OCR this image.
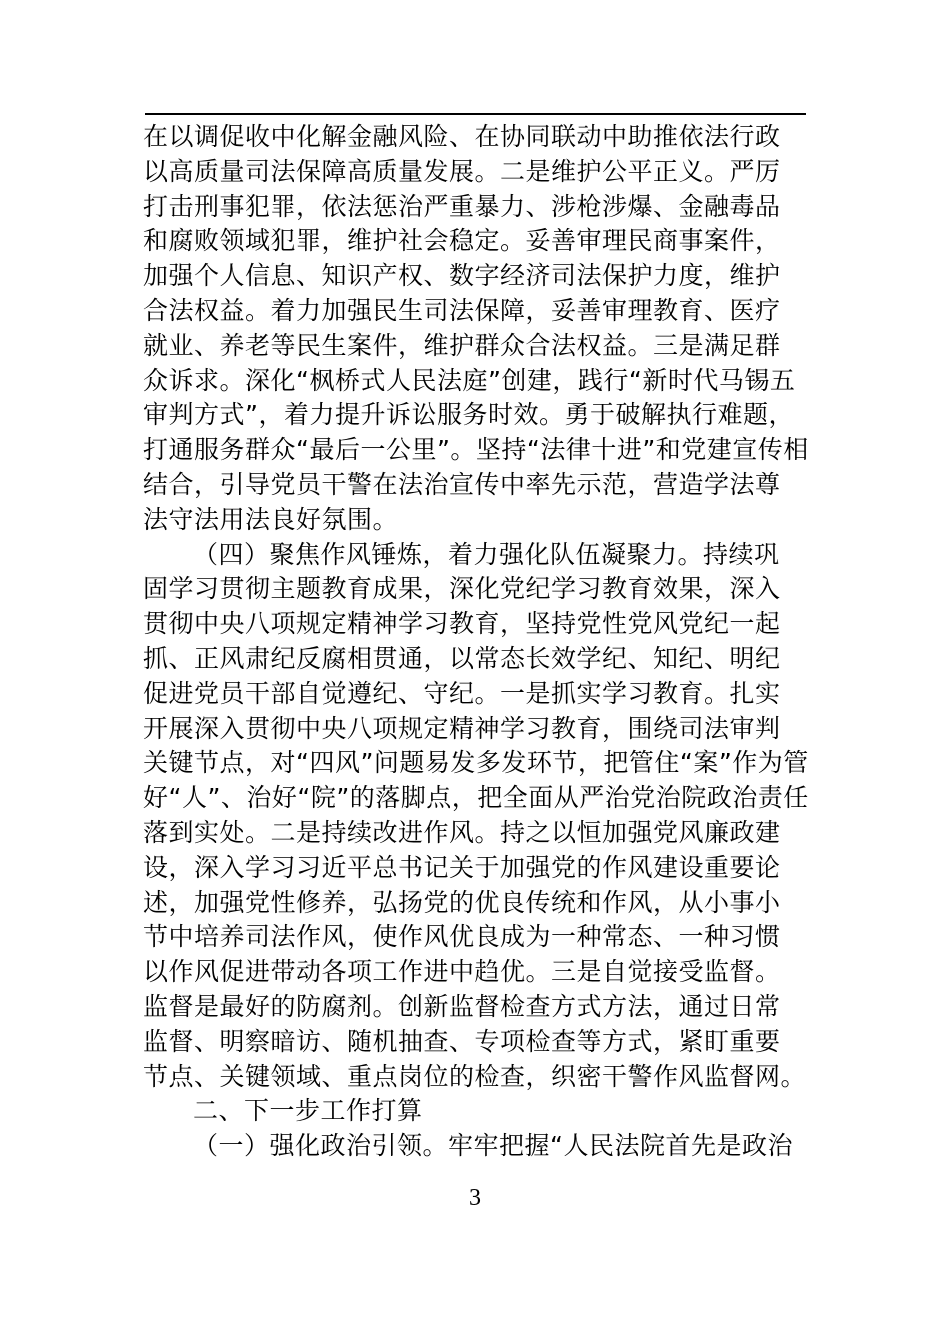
在以调促收中化解金融风险、在协同联动中助推依法行政
以高质量司法保障高质量发展。二是维护公平正义。严厉
打击刑事犯罪，依法惩治严重暴力、涉枪涉爆、金融毒品
和腐败领域犯罪，维护社会稳定。妥善审理民商事案件，
加强个人信息、知识产权、数字经济司法保护力度，维护
合法权益。着力加强民生司法保障，妥善审理教育、医疗
就业、养老等民生案件，维护群众合法权益。三是满足群
众诉求。深化“枫桥式人民法庭”创建，践行“新时代马锡五
审判方式”，着力提升诉讼服务时效。勇于破解执行难题，
打通服务群众“最后一公里”。坚持“法律十进”和党建宣传相
结合，引导党员干警在法治宣传中率先示范，营造学法尊
法守法用法良好氛围。
（四）聚焦作风锤炼，着力强化队伍凝聚力。持续巩
固学习贯彻主题教育成果，深化党纪学习教育效果，深入
贯彻中央八项规定精神学习教育，坚持党性党风党纪一起
抓、正风肃纪反腐相贯通，以常态长效学纪、知纪、明纪
促进党员干部自觉遵纪、守纪。一是抓实学习教育。扎实
开展深入贯彻中央八项规定精神学习教育，围绕司法审判
关键节点，对“四风”问题易发多发环节，把管住“案”作为管
好“人”、治好“院”的落脚点，把全面从严治党治院政治责任
落到实处。二是持续改进作风。持之以恒加强党风廉政建
设，深入学习习近平总书记关于加强党的作风建设重要论
述，加强党性修养，弘扬党的优良传统和作风，从小事小
节中培养司法作风，使作风优良成为一种常态、一种习惯
以作风促进带动各项工作进中趋优。三是自觉接受监督。
监督是最好的防腐剂。创新监督检查方式方法，通过日常
监督、明察暗访、随机抽查、专项检查等方式，紧盯重要
节点、关键领域、重点岗位的检查，织密干警作风监督网。
二、下一步工作打算
（一）强化政治引领。牢牢把握“人民法院首先是政治
3
